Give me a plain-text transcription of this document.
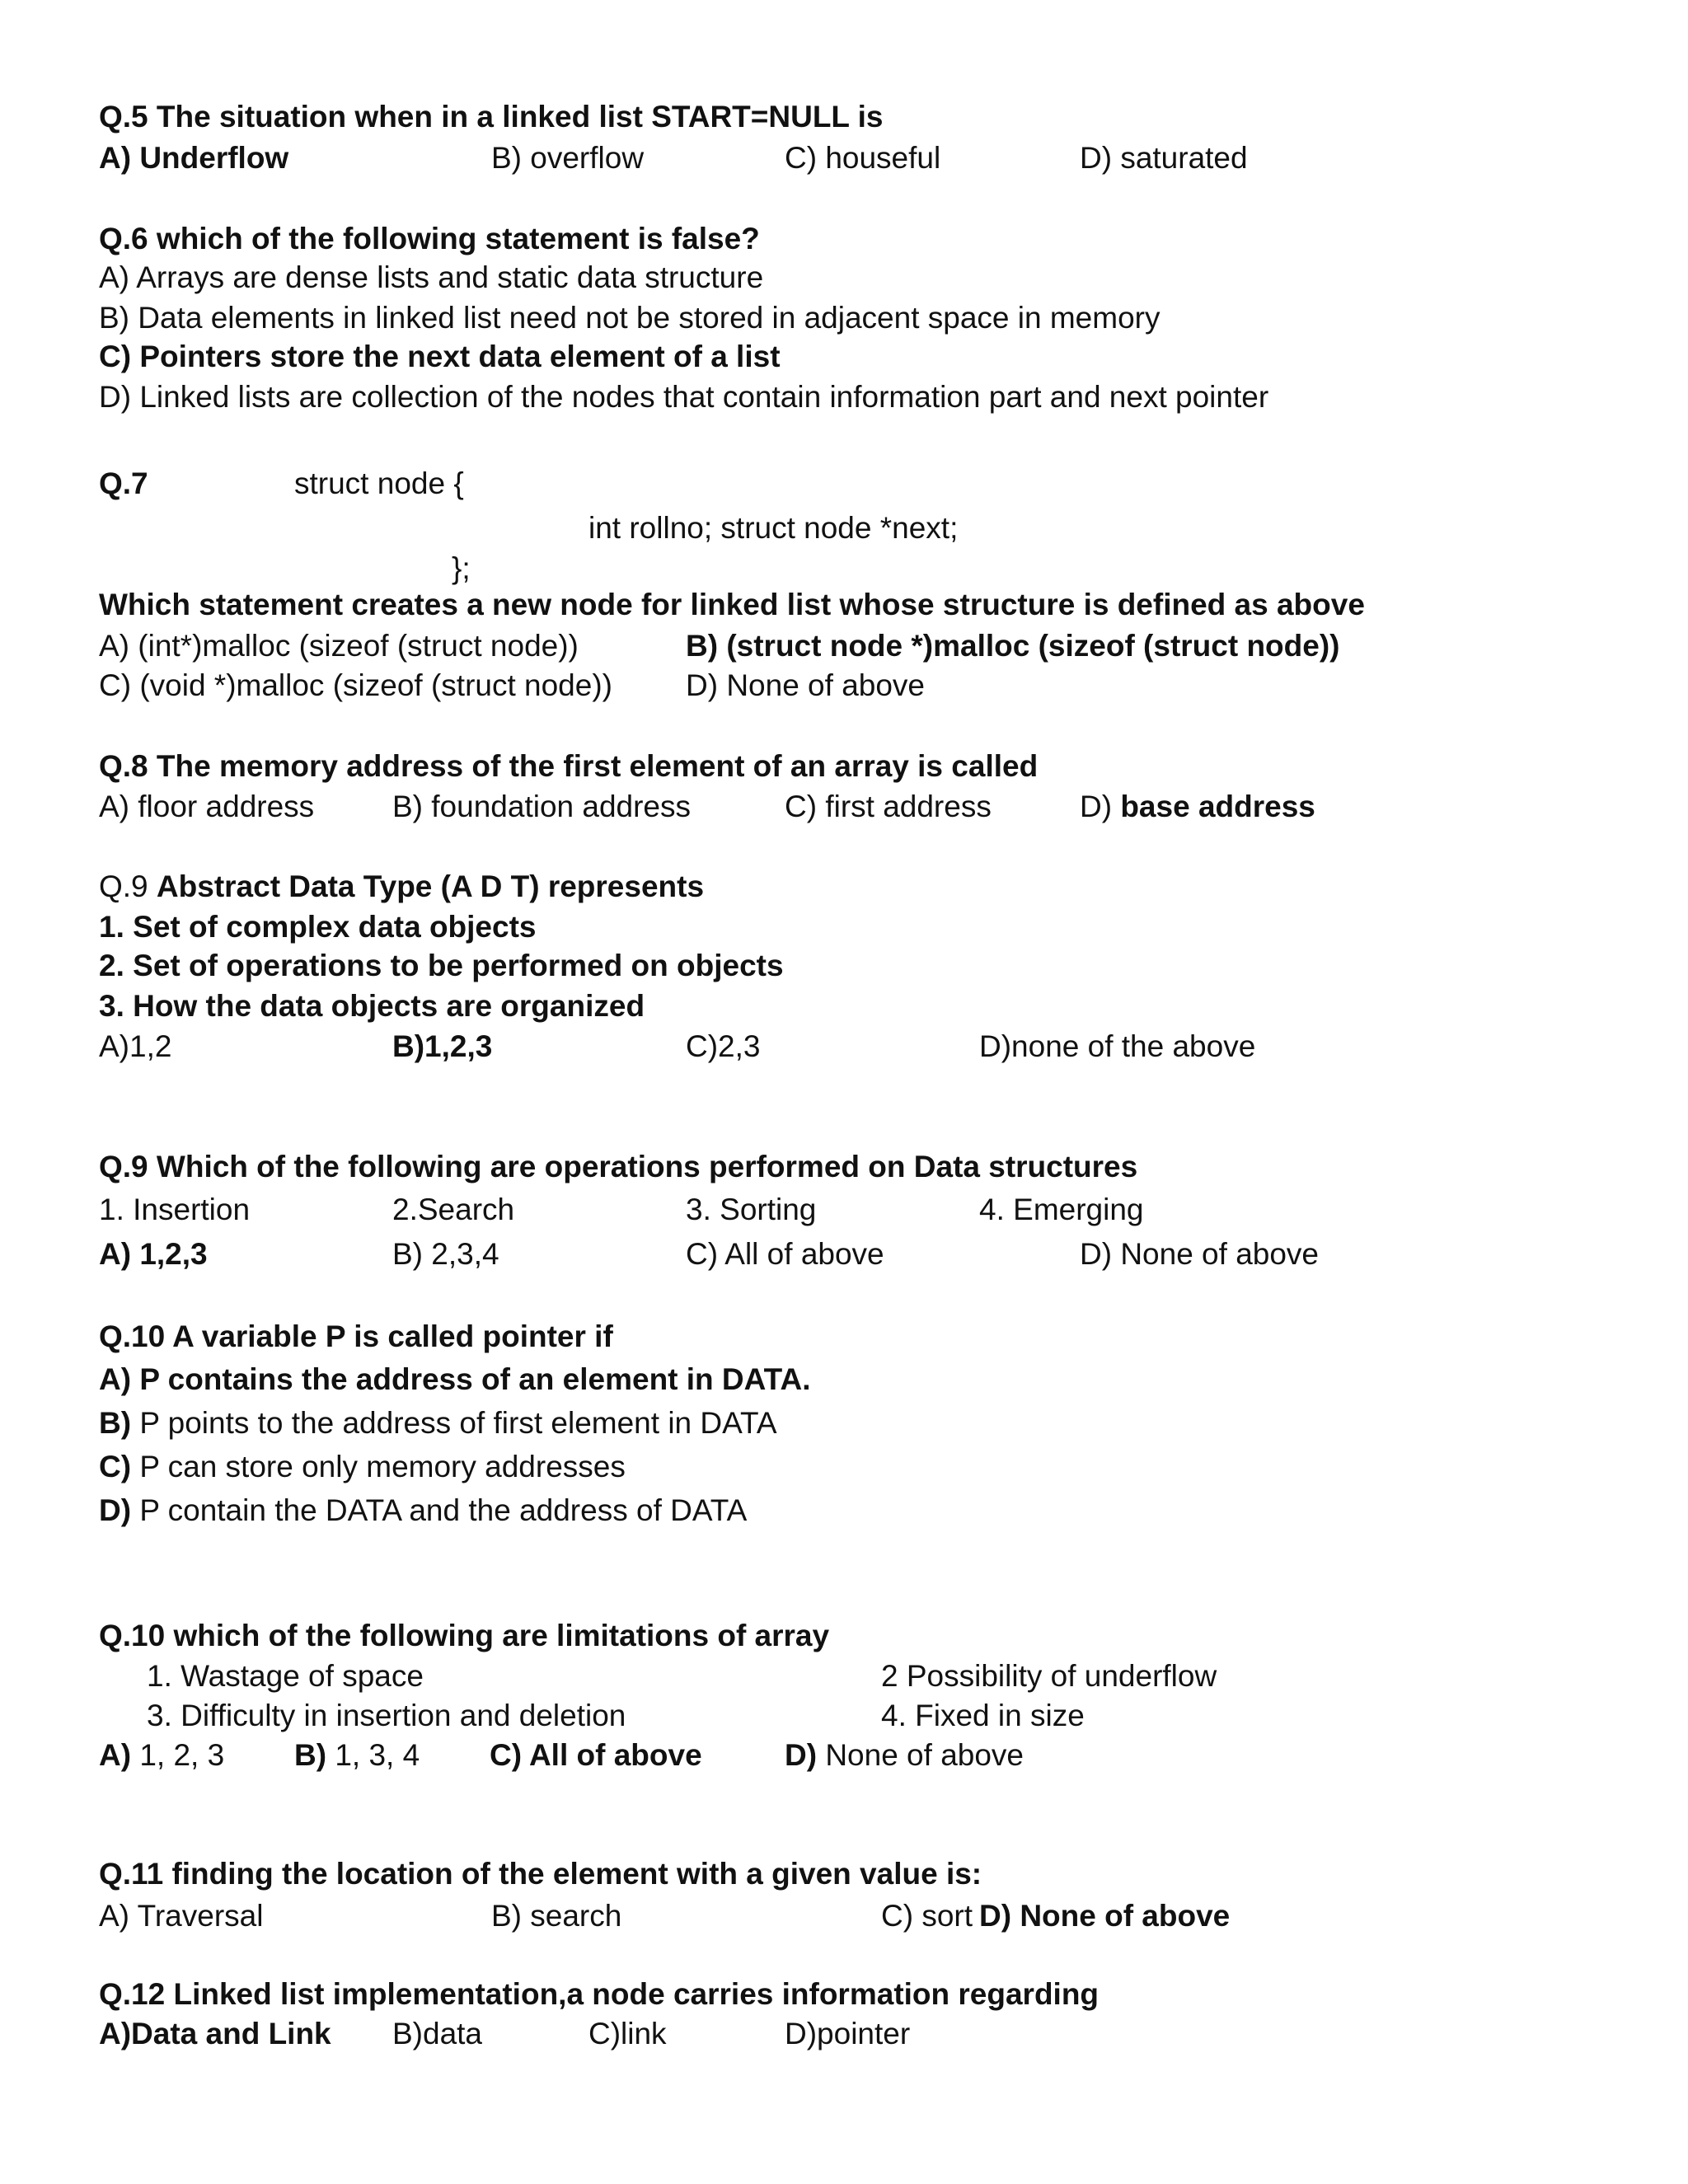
Q.5 The situation when in a linked list START=NULL is
A) Underflow	B) overflow	C) houseful	D) saturated
Q.6 which of the following statement is false?
A) Arrays are dense lists and static data structure
B) Data elements in linked list need not be stored in adjacent space in memory
C) Pointers store the next data element of a list
D) Linked lists are collection of the nodes that contain information part and next pointer
Q.7	struct node {
int rollno; struct node *next;
};
Which statement creates a new node for linked list whose structure is defined as above
A) (int*)malloc (sizeof (struct node))	B) (struct node *)malloc (sizeof (struct node))
C) (void *)malloc (sizeof (struct node)) D) None of above
Q.8 The memory address of the first element of an array is called
A) floor address	B) foundation address	C) first address	D) base address
Q.9 Abstract Data Type (A D T) represents
1. Set of complex data objects
2. Set of operations to be performed on objects
3. How the data objects are organized
A)1,2	B)1,2,3	C)2,3	D)none of the above
Q.9 Which of the following are operations performed on Data structures
1. Insertion	2.Search	3. Sorting	4. Emerging
A) 1,2,3	B) 2,3,4	C) All of above	D) None of above
Q.10 A variable P is called pointer if
A) P contains the address of an element in DATA.
B) P points to the address of first element in DATA
C) P can store only memory addresses
D) P contain the DATA and the address of DATA
Q.10 which of the following are limitations of array
1. Wastage of space	2 Possibility of underflow
3. Difficulty in insertion and deletion	4. Fixed in size
A) 1, 2, 3 B) 1, 3, 4 C) All of above	D) None of above
Q.11 finding the location of the element with a given value is:
A) Traversal	B) search	C) sort D) None of above
Q.12 Linked list implementation,a node carries information regarding
A)Data and Link B)data	C)link	D)pointer
